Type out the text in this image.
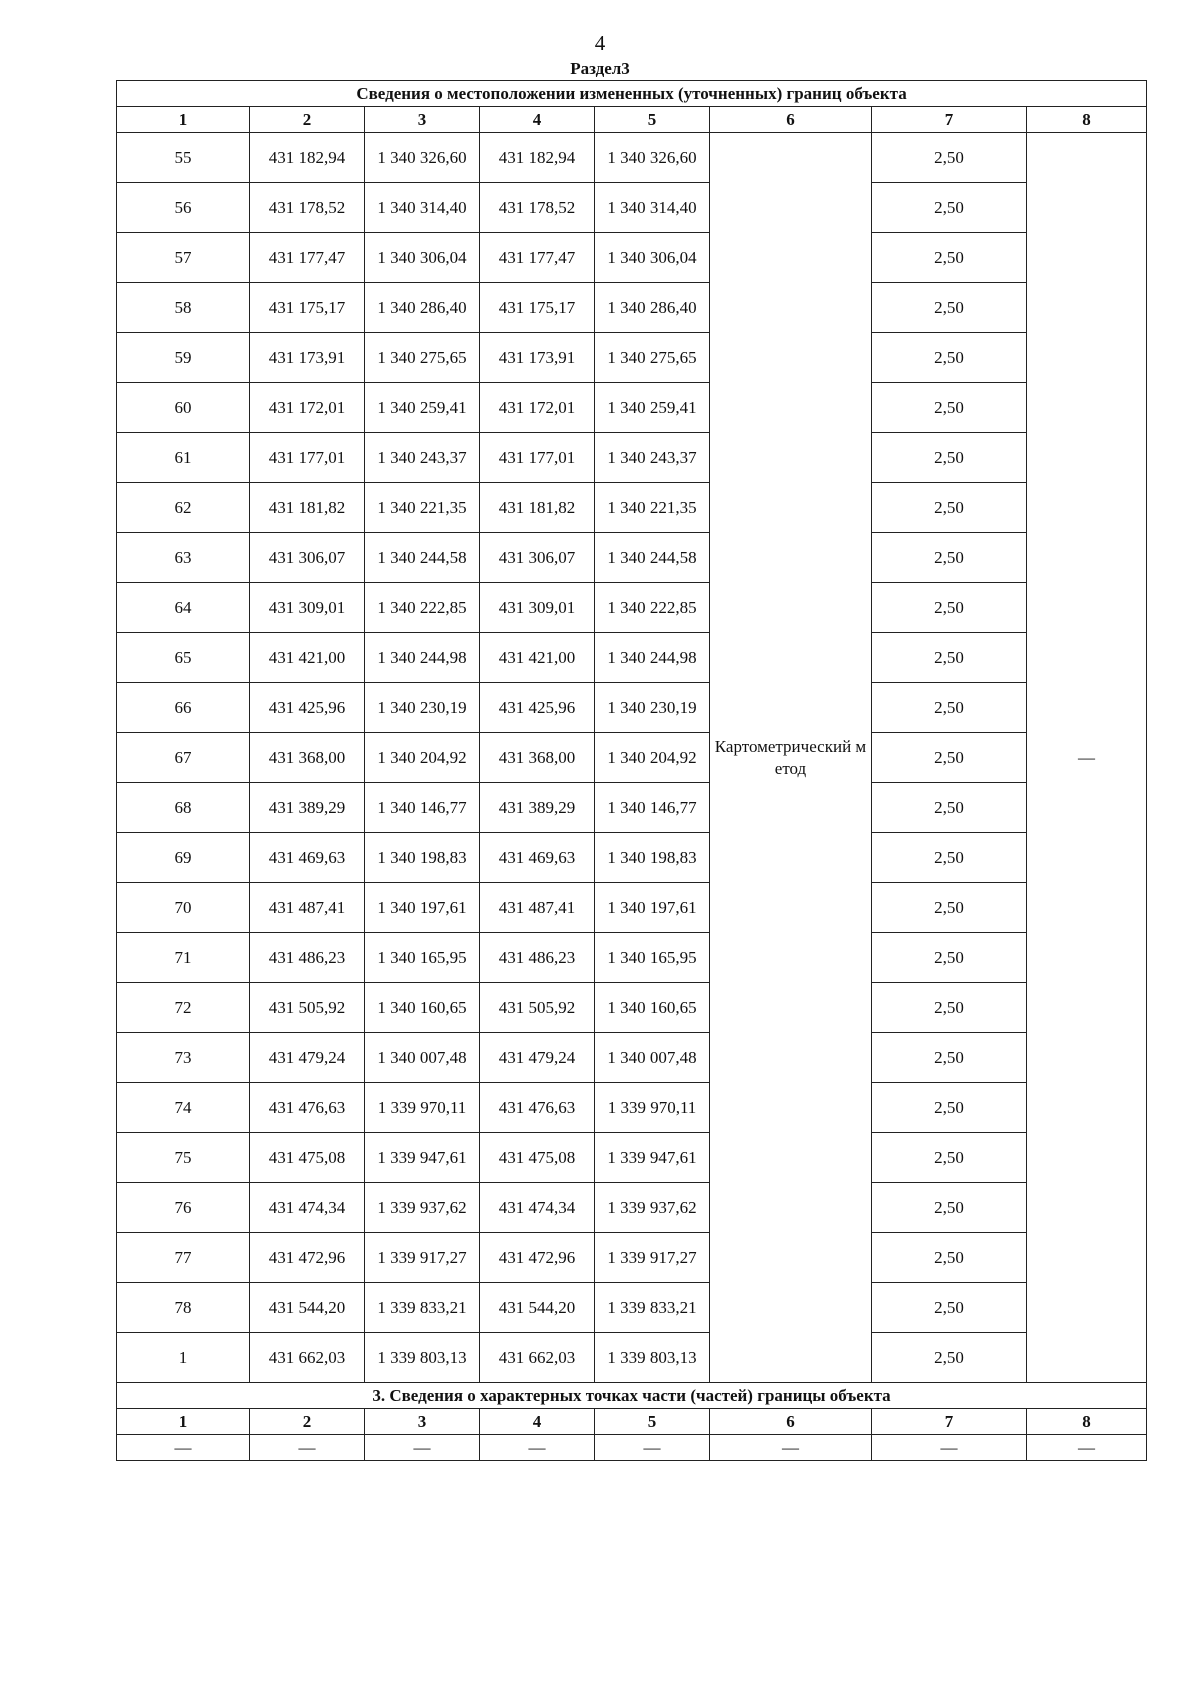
4
Раздел3
Сведения о местоположении измененных (уточненных) границ объекта							
1	2	3	4	5	6	7	8
55	431 182,94	1 340 326,60	431 182,94	1 340 326,60	Картометрический метод	2,50	—
56	431 178,52	1 340 314,40	431 178,52	1 340 314,40		2,50	
57	431 177,47	1 340 306,04	431 177,47	1 340 306,04		2,50	
58	431 175,17	1 340 286,40	431 175,17	1 340 286,40		2,50	
59	431 173,91	1 340 275,65	431 173,91	1 340 275,65		2,50	
60	431 172,01	1 340 259,41	431 172,01	1 340 259,41		2,50	
61	431 177,01	1 340 243,37	431 177,01	1 340 243,37		2,50	
62	431 181,82	1 340 221,35	431 181,82	1 340 221,35		2,50	
63	431 306,07	1 340 244,58	431 306,07	1 340 244,58		2,50	
64	431 309,01	1 340 222,85	431 309,01	1 340 222,85		2,50	
65	431 421,00	1 340 244,98	431 421,00	1 340 244,98		2,50	
66	431 425,96	1 340 230,19	431 425,96	1 340 230,19		2,50	
67	431 368,00	1 340 204,92	431 368,00	1 340 204,92		2,50	
68	431 389,29	1 340 146,77	431 389,29	1 340 146,77		2,50	
69	431 469,63	1 340 198,83	431 469,63	1 340 198,83		2,50	
70	431 487,41	1 340 197,61	431 487,41	1 340 197,61		2,50	
71	431 486,23	1 340 165,95	431 486,23	1 340 165,95		2,50	
72	431 505,92	1 340 160,65	431 505,92	1 340 160,65		2,50	
73	431 479,24	1 340 007,48	431 479,24	1 340 007,48		2,50	
74	431 476,63	1 339 970,11	431 476,63	1 339 970,11		2,50	
75	431 475,08	1 339 947,61	431 475,08	1 339 947,61		2,50	
76	431 474,34	1 339 937,62	431 474,34	1 339 937,62		2,50	
77	431 472,96	1 339 917,27	431 472,96	1 339 917,27		2,50	
78	431 544,20	1 339 833,21	431 544,20	1 339 833,21		2,50	
1	431 662,03	1 339 803,13	431 662,03	1 339 803,13		2,50	
3. Сведения о характерных точках части (частей) границы объекта							
1	2	3	4	5	6	7	8
—	—	—	—	—	—	—	—
